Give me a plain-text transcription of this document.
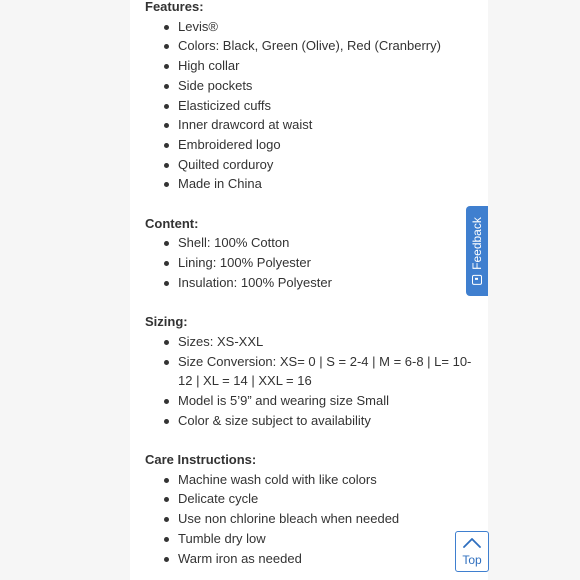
Features:

Levis®
Colors: Black, Green (Olive), Red (Cranberry)
High collar
Side pockets
Elasticized cuffs
Inner drawcord at waist
Embroidered logo
Quilted corduroy
Made in China

Content:

Shell: 100% Cotton
Lining: 100% Polyester
Insulation: 100% Polyester

Sizing:

Sizes: XS-XXL
Size Conversion: XS= 0 | S = 2-4 | M = 6-8 | L= 10-12 | XL = 14 | XXL = 16
Model is 5’9” and wearing size Small
Color & size subject to availability

Care Instructions:

Machine wash cold with like colors
Delicate cycle
Use non chlorine bleach when needed
Tumble dry low
Warm iron as needed
Feedback
Top
